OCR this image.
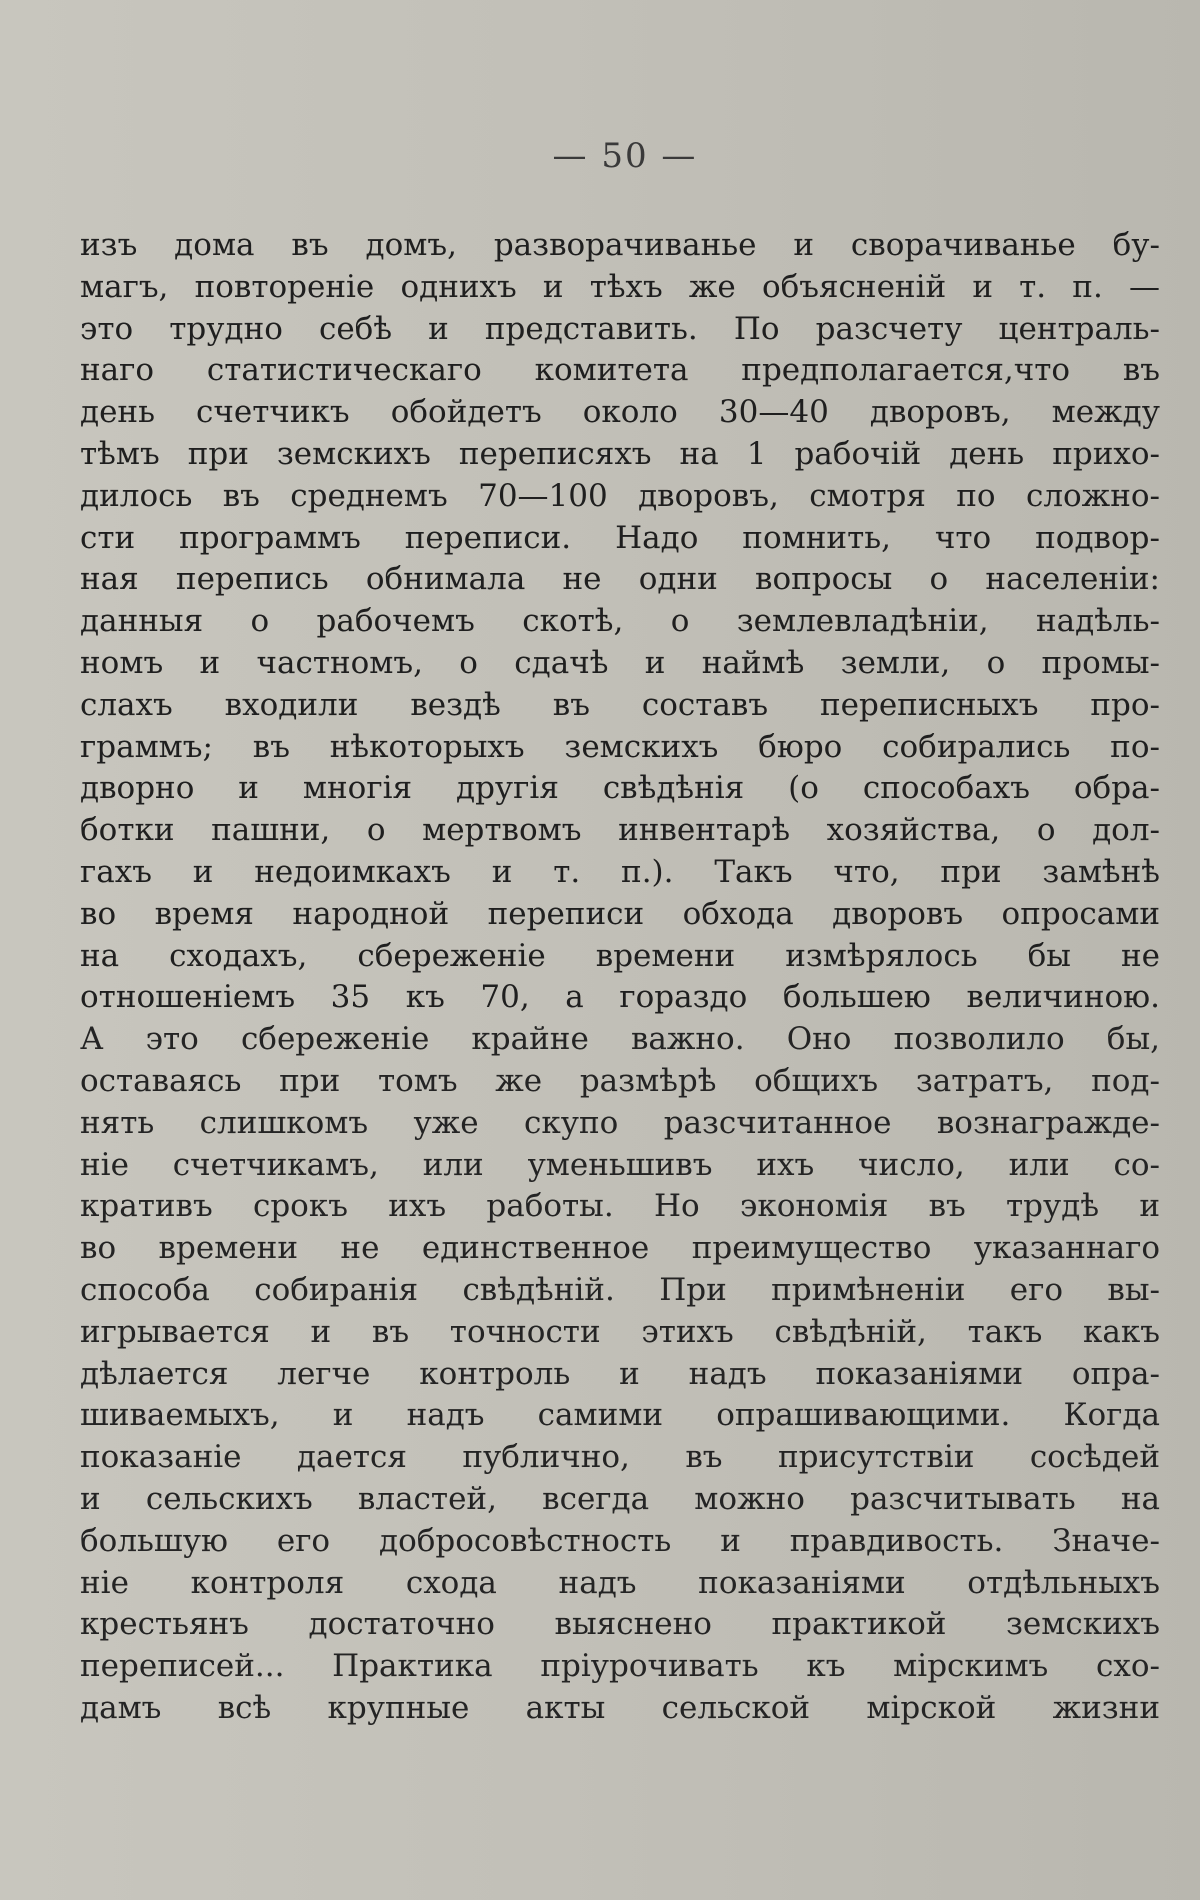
— 50 —
изъ дома въ домъ, разворачиванье и сворачиванье бу-
магъ, повтореніе однихъ и тѣхъ же объясненій и т. п. —
это трудно себѣ и представить. По разсчету централь-
наго статистическаго комитета предполагается,что въ
день счетчикъ обойдетъ около 30—40 дворовъ, между
тѣмъ при земскихъ переписяхъ на 1 рабочій день прихо-
дилось въ среднемъ 70—100 дворовъ, смотря по сложно-
сти программъ переписи. Надо помнить, что подвор-
ная перепись обнимала не одни вопросы о населеніи:
данныя о рабочемъ скотѣ, о землевладѣніи, надѣль-
номъ и частномъ, о сдачѣ и наймѣ земли, о промы-
слахъ входили вездѣ въ составъ переписныхъ про-
граммъ; въ нѣкоторыхъ земскихъ бюро собирались по-
дворно и многія другія свѣдѣнія (о способахъ обра-
ботки пашни, о мертвомъ инвентарѣ хозяйства, о дол-
гахъ и недоимкахъ и т. п.). Такъ что, при замѣнѣ
во время народной переписи обхода дворовъ опросами
на сходахъ, сбереженіе времени измѣрялось бы не
отношеніемъ 35 къ 70, а гораздо большею величиною.
А это сбереженіе крайне важно. Оно позволило бы,
оставаясь при томъ же размѣрѣ общихъ затратъ, под-
нять слишкомъ уже скупо разсчитанное вознагражде-
ніе счетчикамъ, или уменьшивъ ихъ число, или со-
кративъ срокъ ихъ работы. Но экономія въ трудѣ и
во времени не единственное преимущество указаннаго
способа собиранія свѣдѣній. При примѣненіи его вы-
игрывается и въ точности этихъ свѣдѣній, такъ какъ
дѣлается легче контроль и надъ показаніями опра-
шиваемыхъ, и надъ самими опрашивающими. Когда
показаніе дается публично, въ присутствіи сосѣдей
и сельскихъ властей, всегда можно разсчитывать на
большую его добросовѣстность и правдивость. Значе-
ніе контроля схода надъ показаніями отдѣльныхъ
крестьянъ достаточно выяснено практикой земскихъ
переписей... Практика пріурочивать къ мірскимъ схо-
дамъ всѣ крупные акты сельской мірской жизни
